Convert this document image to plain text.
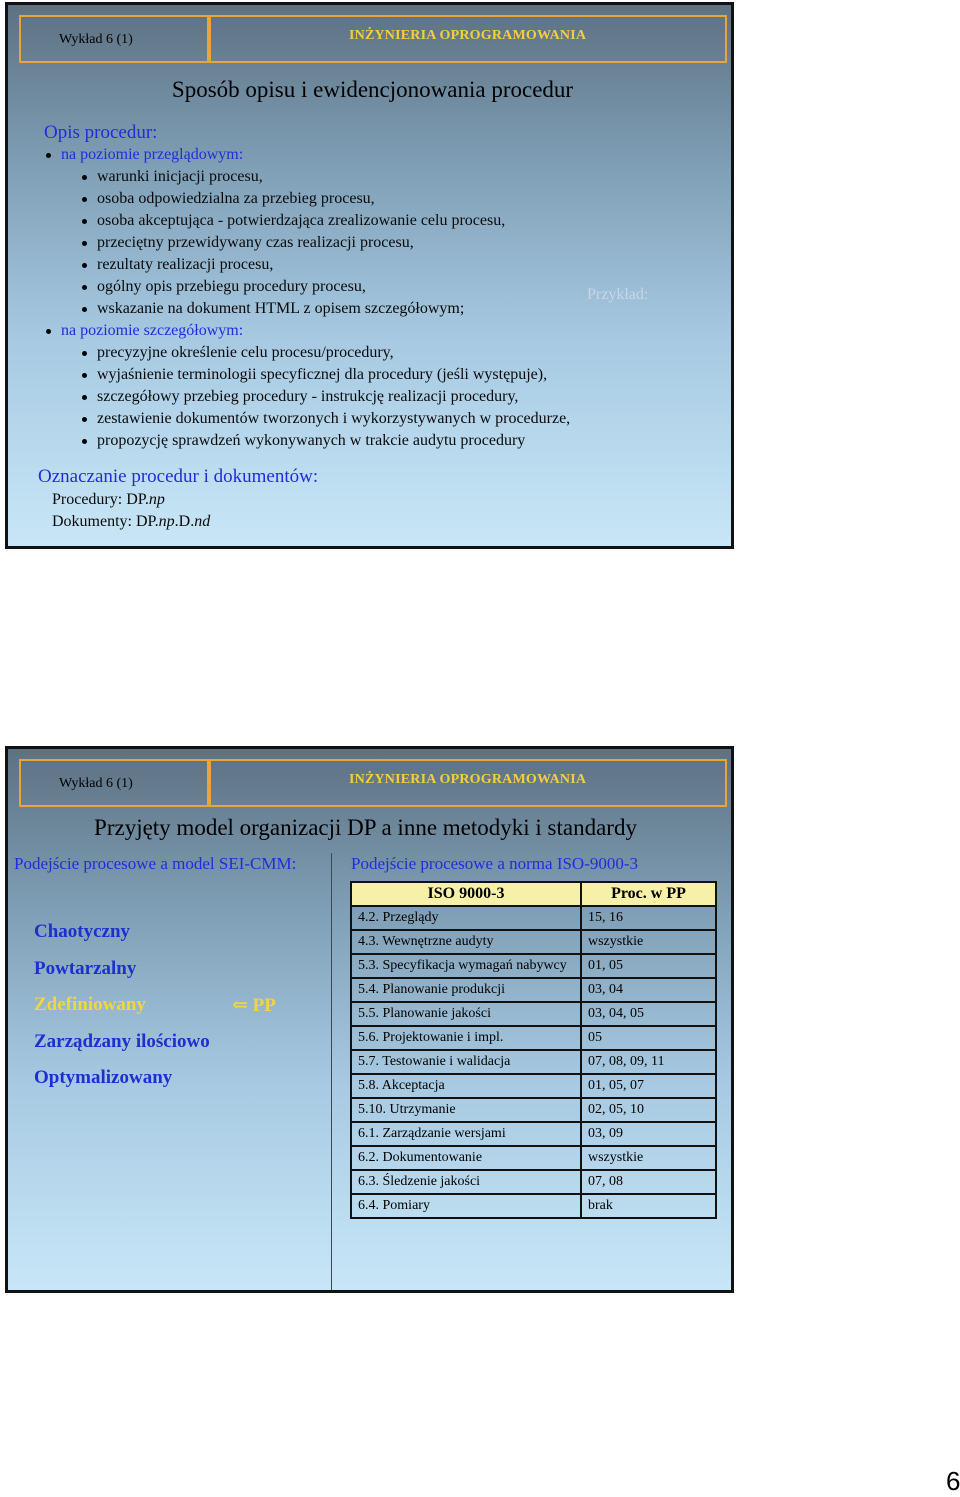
Wykład 6 (1)	INŻYNIERIA OPROGRAMOWANIA
Sposób opisu i ewidencjonowania procedur
Opis procedur:
na poziomie przeglądowym:
warunki inicjacji procesu,
osoba odpowiedzialna za przebieg procesu,
osoba akceptująca - potwierdzająca zrealizowanie celu procesu,
przeciętny przewidywany czas realizacji procesu,
rezultaty realizacji procesu,
ogólny opis przebiegu procedury procesu,
wskazanie na dokument HTML z opisem szczegółowym;
Przykład:
na poziomie szczegółowym:
precyzyjne określenie celu procesu/procedury,
wyjaśnienie terminologii specyficznej dla procedury (jeśli występuje),
szczegółowy przebieg procedury - instrukcję realizacji procedury,
zestawienie dokumentów tworzonych i wykorzystywanych w procedurze,
propozycję sprawdzeń wykonywanych w trakcie audytu procedury
Oznaczanie procedur i dokumentów:
Procedury: DP.np
Dokumenty: DP.np.D.nd
Wykład 6 (1)	INŻYNIERIA OPROGRAMOWANIA
Przyjęty model organizacji DP a inne metodyki i standardy
Podejście procesowe a model SEI-CMM:
Chaotyczny
Powtarzalny
Zdefiniowany
Zarządzany ilościowo
Optymalizowany
⇐ PP
Podejście procesowe a norma ISO-9000-3
ISO 9000-3	Proc. w PP
4.2. Przeglądy	15, 16
4.3. Wewnętrzne audyty	wszystkie
5.3. Specyfikacja wymagań nabywcy	01, 05
5.4. Planowanie produkcji	03, 04
5.5. Planowanie jakości	03, 04, 05
5.6. Projektowanie i impl.	05
5.7. Testowanie i walidacja	07, 08, 09, 11
5.8. Akceptacja	01, 05, 07
5.10. Utrzymanie	02, 05, 10
6.1. Zarządzanie wersjami	03, 09
6.2. Dokumentowanie	wszystkie
6.3. Śledzenie jakości	07, 08
6.4. Pomiary	brak
6
